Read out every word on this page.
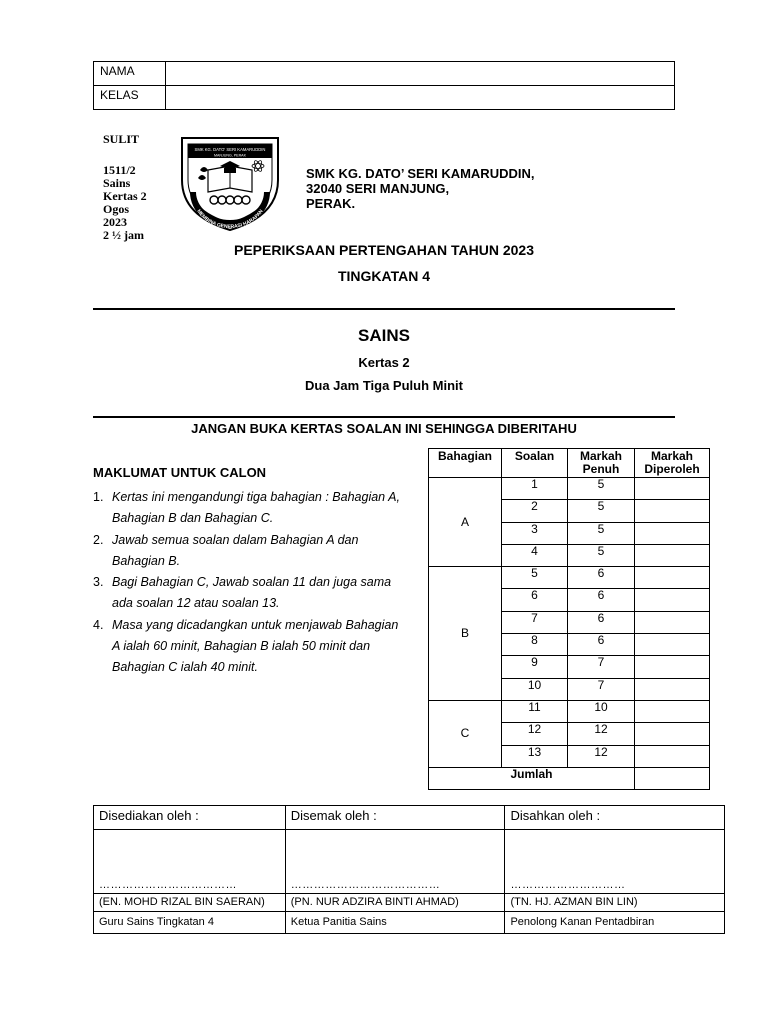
NAMA	
KELAS	
SULIT
1511/2
Sains
Kertas 2
Ogos
2023
2 ½ jam
SMK KG. DATO' SERI KAMARUDDIN
MANJUNG, PERAK
MEMBINA GENERASI HARAPAN
SMK KG. DATO’ SERI KAMARUDDIN,
32040 SERI MANJUNG,
PERAK.
PEPERIKSAAN PERTENGAHAN TAHUN 2023
TINGKATAN 4
SAINS
Kertas 2
Dua Jam Tiga Puluh Minit
JANGAN BUKA KERTAS SOALAN INI SEHINGGA DIBERITAHU
MAKLUMAT UNTUK CALON
1. Kertas ini mengandungi tiga bahagian : Bahagian A,
Bahagian B dan Bahagian C.
2. Jawab semua soalan dalam Bahagian A dan
Bahagian B.
3. Bagi Bahagian C, Jawab soalan 11 dan juga sama
ada soalan 12 atau soalan 13.
4. Masa yang dicadangkan untuk menjawab Bahagian
A ialah 60 minit, Bahagian B ialah 50 minit dan
Bahagian C ialah 40 minit.
Bahagian	Soalan	Markah Penuh	Markah Diperoleh
A	1	5	
	2	5	
	3	5	
	4	5	
B	5	6	
	6	6	
	7	6	
	8	6	
	9	7	
	10	7	
C	11	10	
	12	12	
	13	12	
Jumlah			
Disediakan oleh :	Disemak oleh :	Disahkan oleh :
………………………………	…………………………………	…………………………
(EN. MOHD RIZAL BIN SAERAN)	(PN. NUR ADZIRA BINTI AHMAD)	(TN. HJ. AZMAN BIN LIN)
Guru Sains Tingkatan 4	Ketua Panitia Sains	Penolong Kanan Pentadbiran
